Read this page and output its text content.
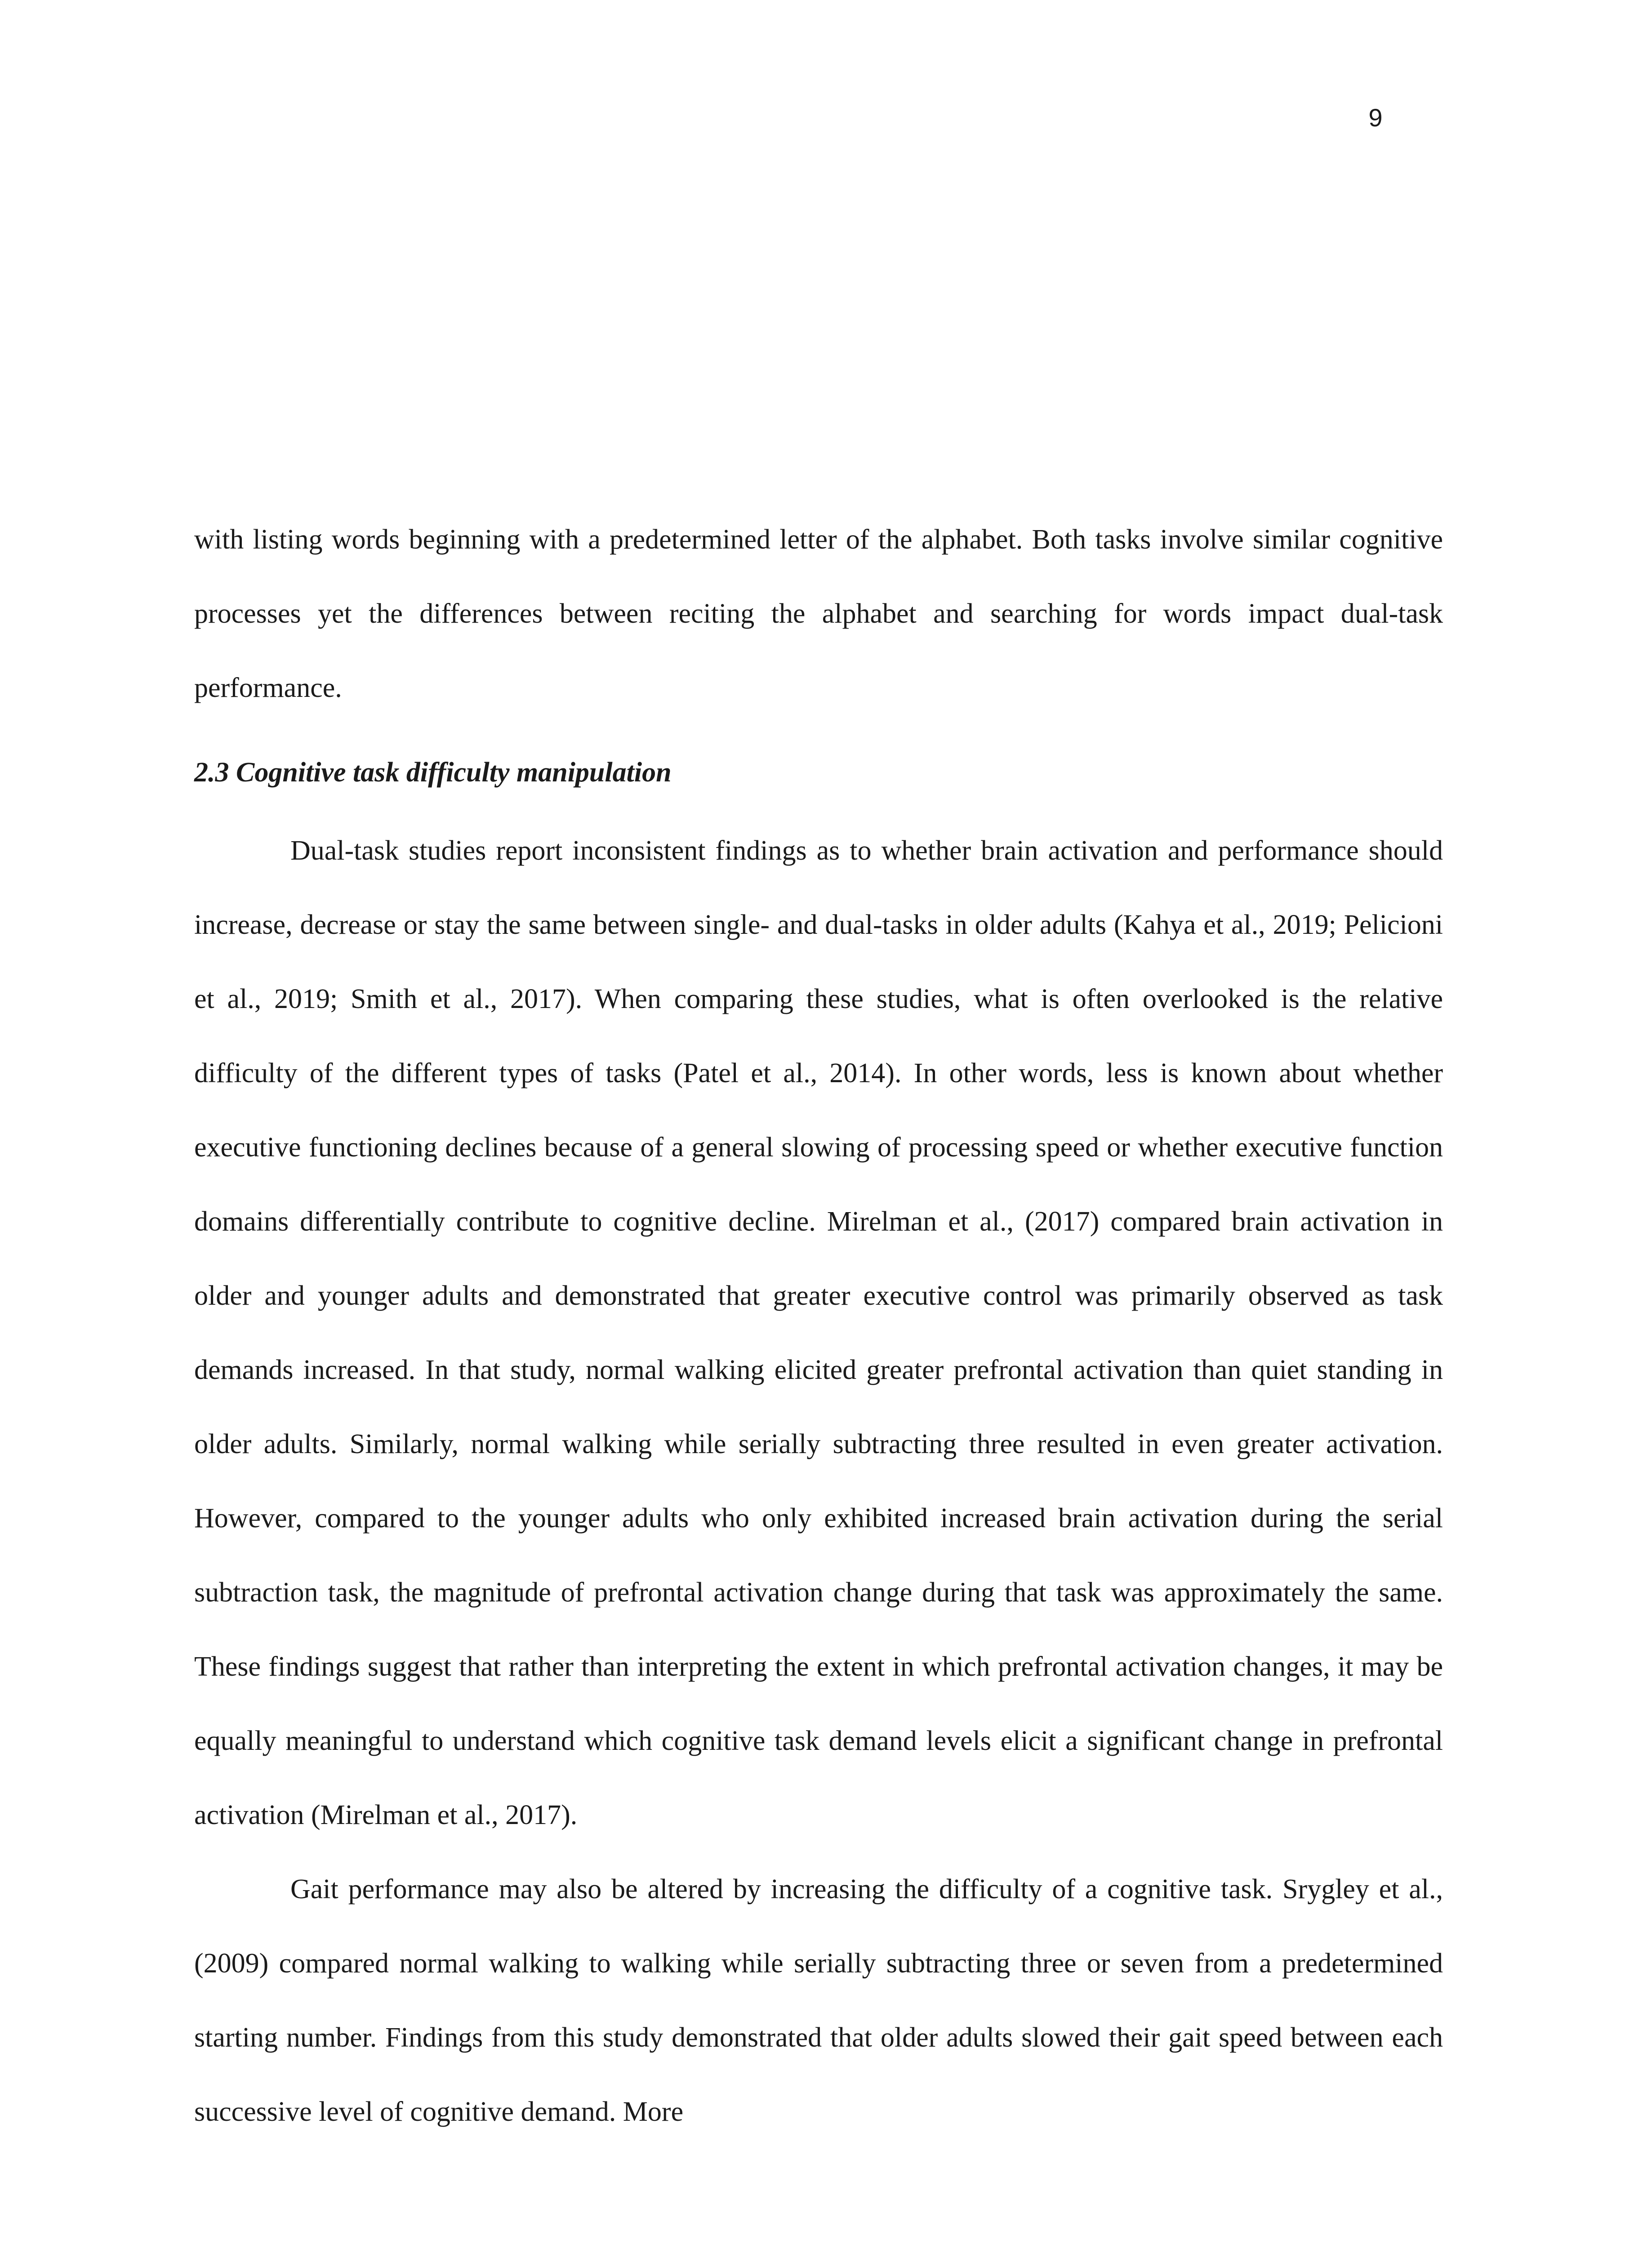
9

with listing words beginning with a predetermined letter of the alphabet. Both tasks involve similar cognitive processes yet the differences between reciting the alphabet and searching for words impact dual-task performance.

2.3 Cognitive task difficulty manipulation

Dual-task studies report inconsistent findings as to whether brain activation and performance should increase, decrease or stay the same between single- and dual-tasks in older adults (Kahya et al., 2019; Pelicioni et al., 2019; Smith et al., 2017). When comparing these studies, what is often overlooked is the relative difficulty of the different types of tasks (Patel et al., 2014). In other words, less is known about whether executive functioning declines because of a general slowing of processing speed or whether executive function domains differentially contribute to cognitive decline. Mirelman et al., (2017) compared brain activation in older and younger adults and demonstrated that greater executive control was primarily observed as task demands increased. In that study, normal walking elicited greater prefrontal activation than quiet standing in older adults. Similarly, normal walking while serially subtracting three resulted in even greater activation. However, compared to the younger adults who only exhibited increased brain activation during the serial subtraction task, the magnitude of prefrontal activation change during that task was approximately the same. These findings suggest that rather than interpreting the extent in which prefrontal activation changes, it may be equally meaningful to understand which cognitive task demand levels elicit a significant change in prefrontal activation (Mirelman et al., 2017).

Gait performance may also be altered by increasing the difficulty of a cognitive task. Srygley et al., (2009) compared normal walking to walking while serially subtracting three or seven from a predetermined starting number. Findings from this study demonstrated that older adults slowed their gait speed between each successive level of cognitive demand. More
